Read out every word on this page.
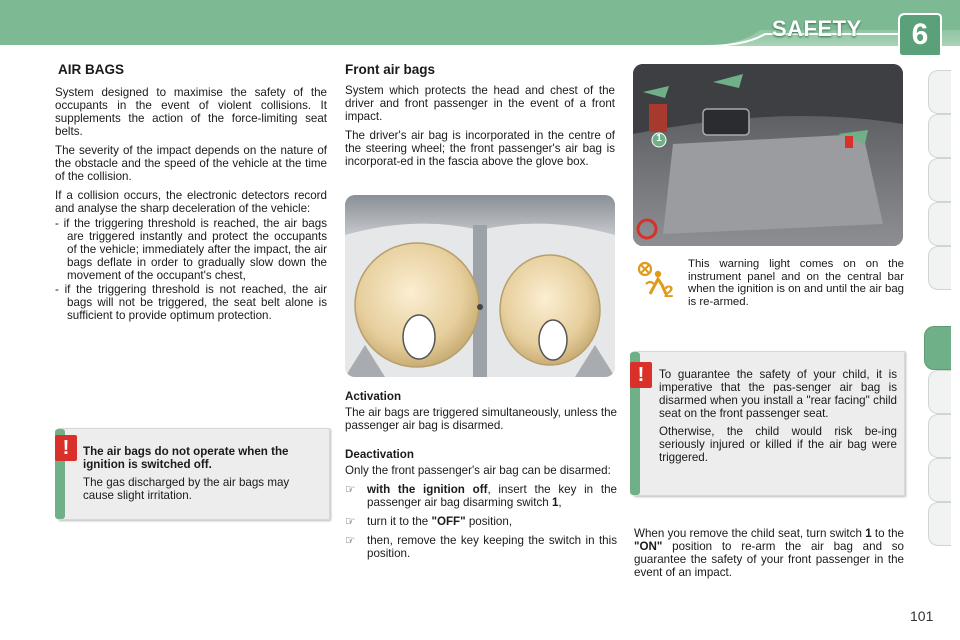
SAFETY	6
AIR BAGS

System designed to maximise the safety of the occupants in the event of violent collisions. It supplements the action of the force-limiting seat belts.

The severity of the impact depends on the nature of the obstacle and the speed of the vehicle at the time of the collision.

If a collision occurs, the electronic detectors record and analyse the sharp deceleration of the vehicle:

- if the triggering threshold is reached, the air bags are triggered instantly and protect the occupants of the vehicle; immediately after the impact, the air bags deflate in order to gradually slow down the movement of the occupant's chest,

- if the triggering threshold is not reached, the air bags will not be triggered, the seat belt alone is sufficient to provide optimum protection.

!	The air bags do not operate when the ignition is switched off.

The gas discharged by the air bags may cause slight irritation.

Front air bags

System which protects the head and chest of the driver and front passenger in the event of a front impact.

The driver's air bag is incorporated in the centre of the steering wheel; the front passenger's air bag is incorporat-ed in the fascia above the glove box.

Activation

The air bags are triggered simultaneously, unless the passenger air bag is disarmed.

Deactivation

Only the front passenger's air bag can be disarmed:

☞ with the ignition off, insert the key in the passenger air bag disarming switch 1,

☞ turn it to the "OFF" position,

☞ then, remove the key keeping the switch in this position.

1
2

This warning light comes on on the instrument panel and on the central bar when the ignition is on and until the air bag is re-armed.

!	To guarantee the safety of your child, it is imperative that the pas-senger air bag is disarmed when you install a "rear facing" child seat on the front passenger seat.

Otherwise, the child would risk be-ing seriously injured or killed if the air bag were triggered.

When you remove the child seat, turn switch 1 to the "ON" position to re-arm the air bag and so guarantee the safety of your front passenger in the event of an impact.

101
